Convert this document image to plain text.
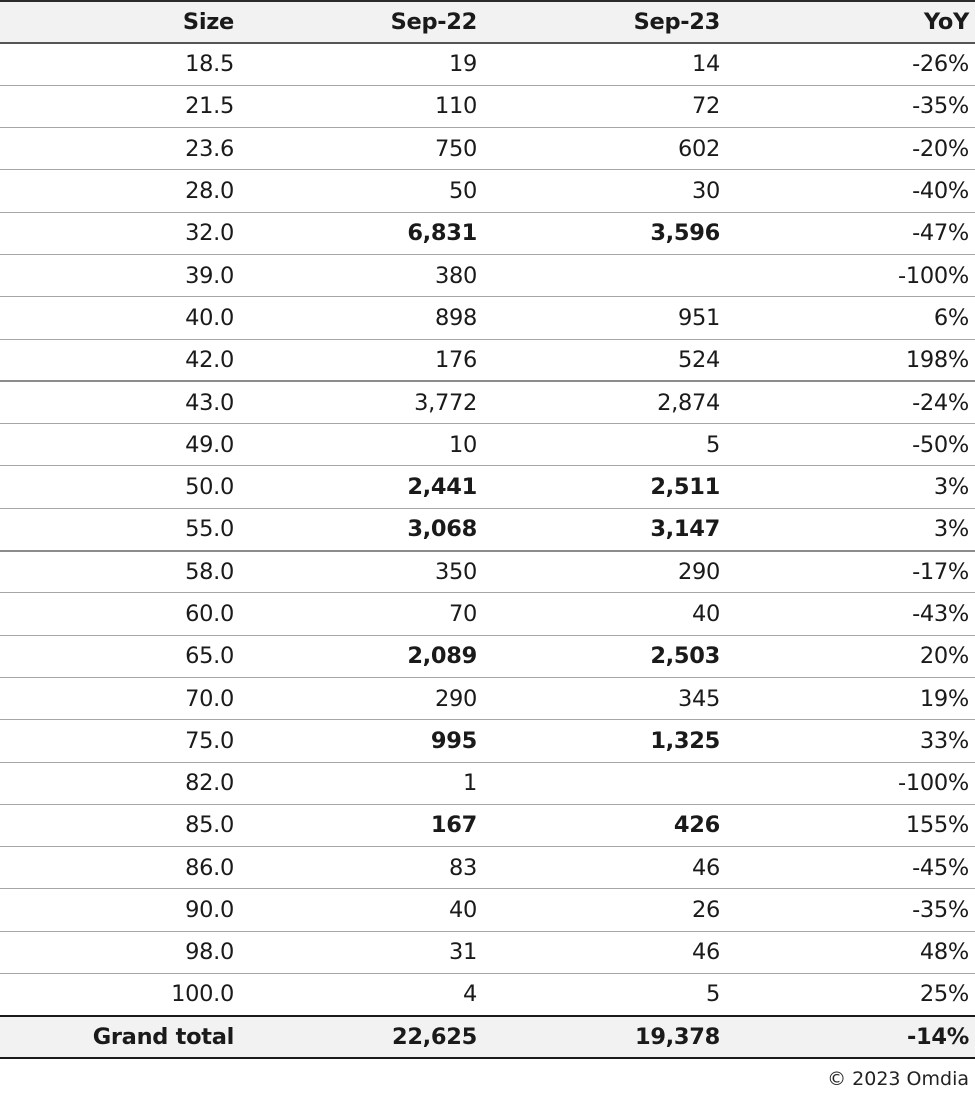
Size	Sep-22	Sep-23	YoY
18.5	19	14	-26%
21.5	110	72	-35%
23.6	750	602	-20%
28.0	50	30	-40%
32.0	6,831	3,596	-47%
39.0	380		-100%
40.0	898	951	6%
42.0	176	524	198%
43.0	3,772	2,874	-24%
49.0	10	5	-50%
50.0	2,441	2,511	3%
55.0	3,068	3,147	3%
58.0	350	290	-17%
60.0	70	40	-43%
65.0	2,089	2,503	20%
70.0	290	345	19%
75.0	995	1,325	33%
82.0	1		-100%
85.0	167	426	155%
86.0	83	46	-45%
90.0	40	26	-35%
98.0	31	46	48%
100.0	4	5	25%
Grand total	22,625	19,378	-14%
© 2023 Omdia
